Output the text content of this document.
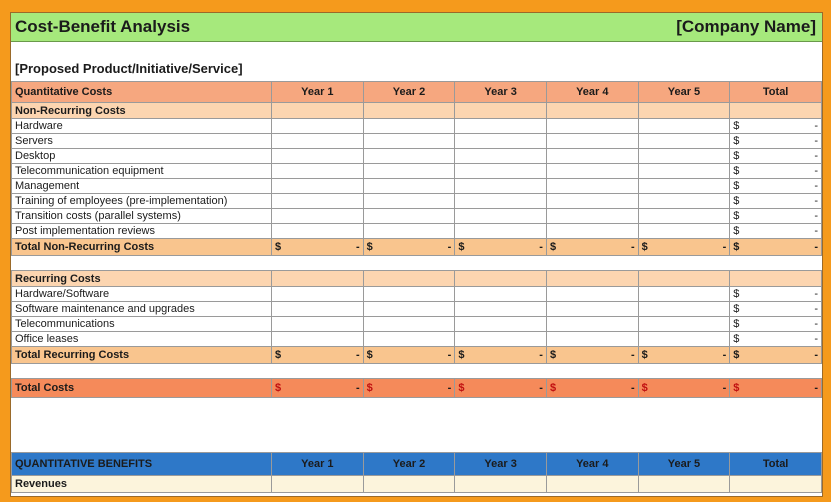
Cost-Benefit Analysis	[Company Name]
[Proposed Product/Initiative/Service]
Quantitative Costs	Year 1	Year 2	Year 3	Year 4	Year 5	Total
Non-Recurring Costs						
Hardware						$ -

Servers						$ -

Desktop						$ -

Telecommunication equipment						$ -

Management						$ -

Training of employees (pre-implementation)						$ -

Transition costs (parallel systems)						$ -

Post implementation reviews						$ -

Total Non-Recurring Costs	$ -	$ -	$ -	$ -	$ -	$ -

Recurring Costs						
Hardware/Software						$ -

Software maintenance and upgrades						$ -

Telecommunications						$ -

Office leases						$ -

Total Recurring Costs	$ -	$ -	$ -	$ -	$ -	$ -

Total Costs	$ -	$ -	$ -	$ -	$ -	$ -
QUANTITATIVE BENEFITS	Year 1	Year 2	Year 3	Year 4	Year 5	Total
Revenues						
